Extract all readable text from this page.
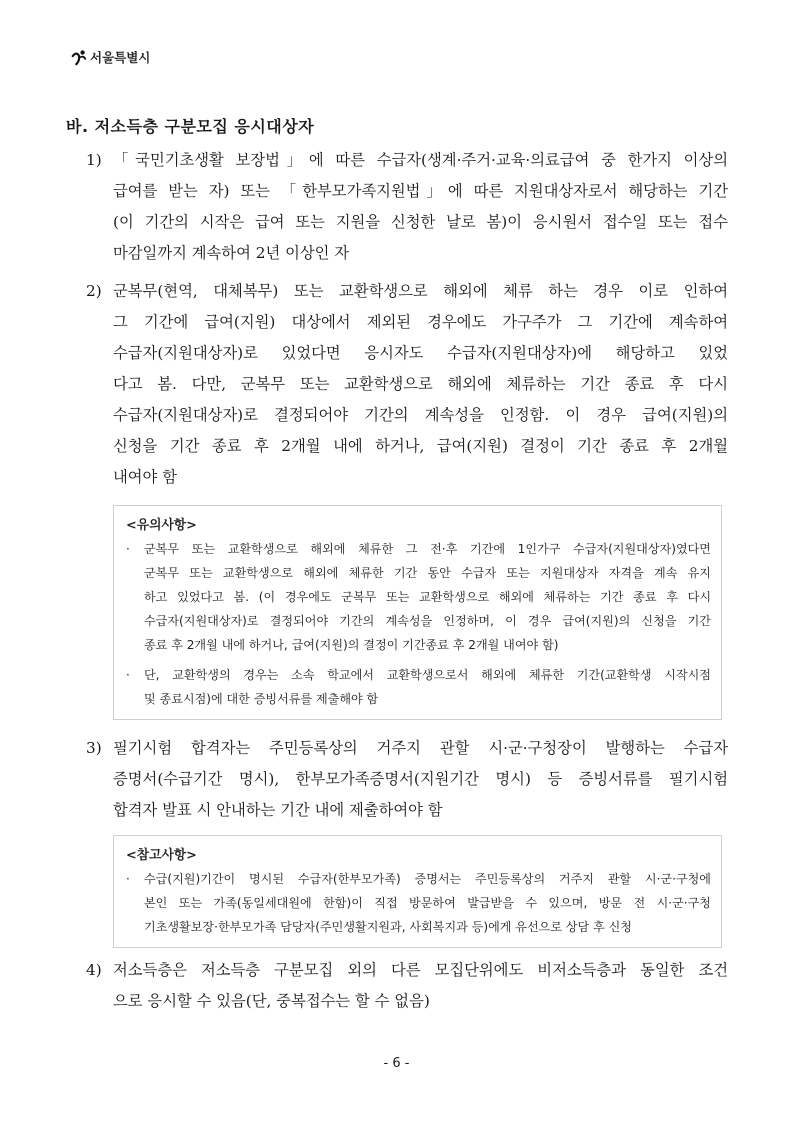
서울특별시
바. 저소득층 구분모집 응시대상자
1) 「국민기초생활 보장법」에 따른 수급자(생계·주거·교육·의료급여 중 한가지 이상의
급여를 받는 자) 또는 「한부모가족지원법」에 따른 지원대상자로서 해당하는 기간
(이 기간의 시작은 급여 또는 지원을 신청한 날로 봄)이 응시원서 접수일 또는 접수
마감일까지 계속하여 2년 이상인 자
2) 군복무(현역, 대체복무) 또는 교환학생으로 해외에 체류 하는 경우 이로 인하여
그 기간에 급여(지원) 대상에서 제외된 경우에도 가구주가 그 기간에 계속하여
수급자(지원대상자)로 있었다면 응시자도 수급자(지원대상자)에 해당하고 있었
다고 봄. 다만, 군복무 또는 교환학생으로 해외에 체류하는 기간 종료 후 다시
수급자(지원대상자)로 결정되어야 기간의 계속성을 인정함. 이 경우 급여(지원)의
신청을 기간 종료 후 2개월 내에 하거나, 급여(지원) 결정이 기간 종료 후 2개월
내여야 함
<유의사항>
· 군복무 또는 교환학생으로 해외에 체류한 그 전·후 기간에 1인가구 수급자(지원대상자)였다면
군복무 또는 교환학생으로 해외에 체류한 기간 동안 수급자 또는 지원대상자 자격을 계속 유지
하고 있었다고 봄. (이 경우에도 군복무 또는 교환학생으로 해외에 체류하는 기간 종료 후 다시
수급자(지원대상자)로 결정되어야 기간의 계속성을 인정하며, 이 경우 급여(지원)의 신청을 기간
종료 후 2개월 내에 하거나, 급여(지원)의 결정이 기간종료 후 2개월 내여야 함)
· 단, 교환학생의 경우는 소속 학교에서 교환학생으로서 해외에 체류한 기간(교환학생 시작시점
및 종료시점)에 대한 증빙서류를 제출해야 함
3) 필기시험 합격자는 주민등록상의 거주지 관할 시·군·구청장이 발행하는 수급자
증명서(수급기간 명시), 한부모가족증명서(지원기간 명시) 등 증빙서류를 필기시험
합격자 발표 시 안내하는 기간 내에 제출하여야 함
<참고사항>
· 수급(지원)기간이 명시된 수급자(한부모가족) 증명서는 주민등록상의 거주지 관할 시·군·구청에
본인 또는 가족(동일세대원에 한함)이 직접 방문하여 발급받을 수 있으며, 방문 전 시·군·구청
기초생활보장·한부모가족 담당자(주민생활지원과, 사회복지과 등)에게 유선으로 상담 후 신청
4) 저소득층은 저소득층 구분모집 외의 다른 모집단위에도 비저소득층과 동일한 조건
으로 응시할 수 있음(단, 중복접수는 할 수 없음)
- 6 -
